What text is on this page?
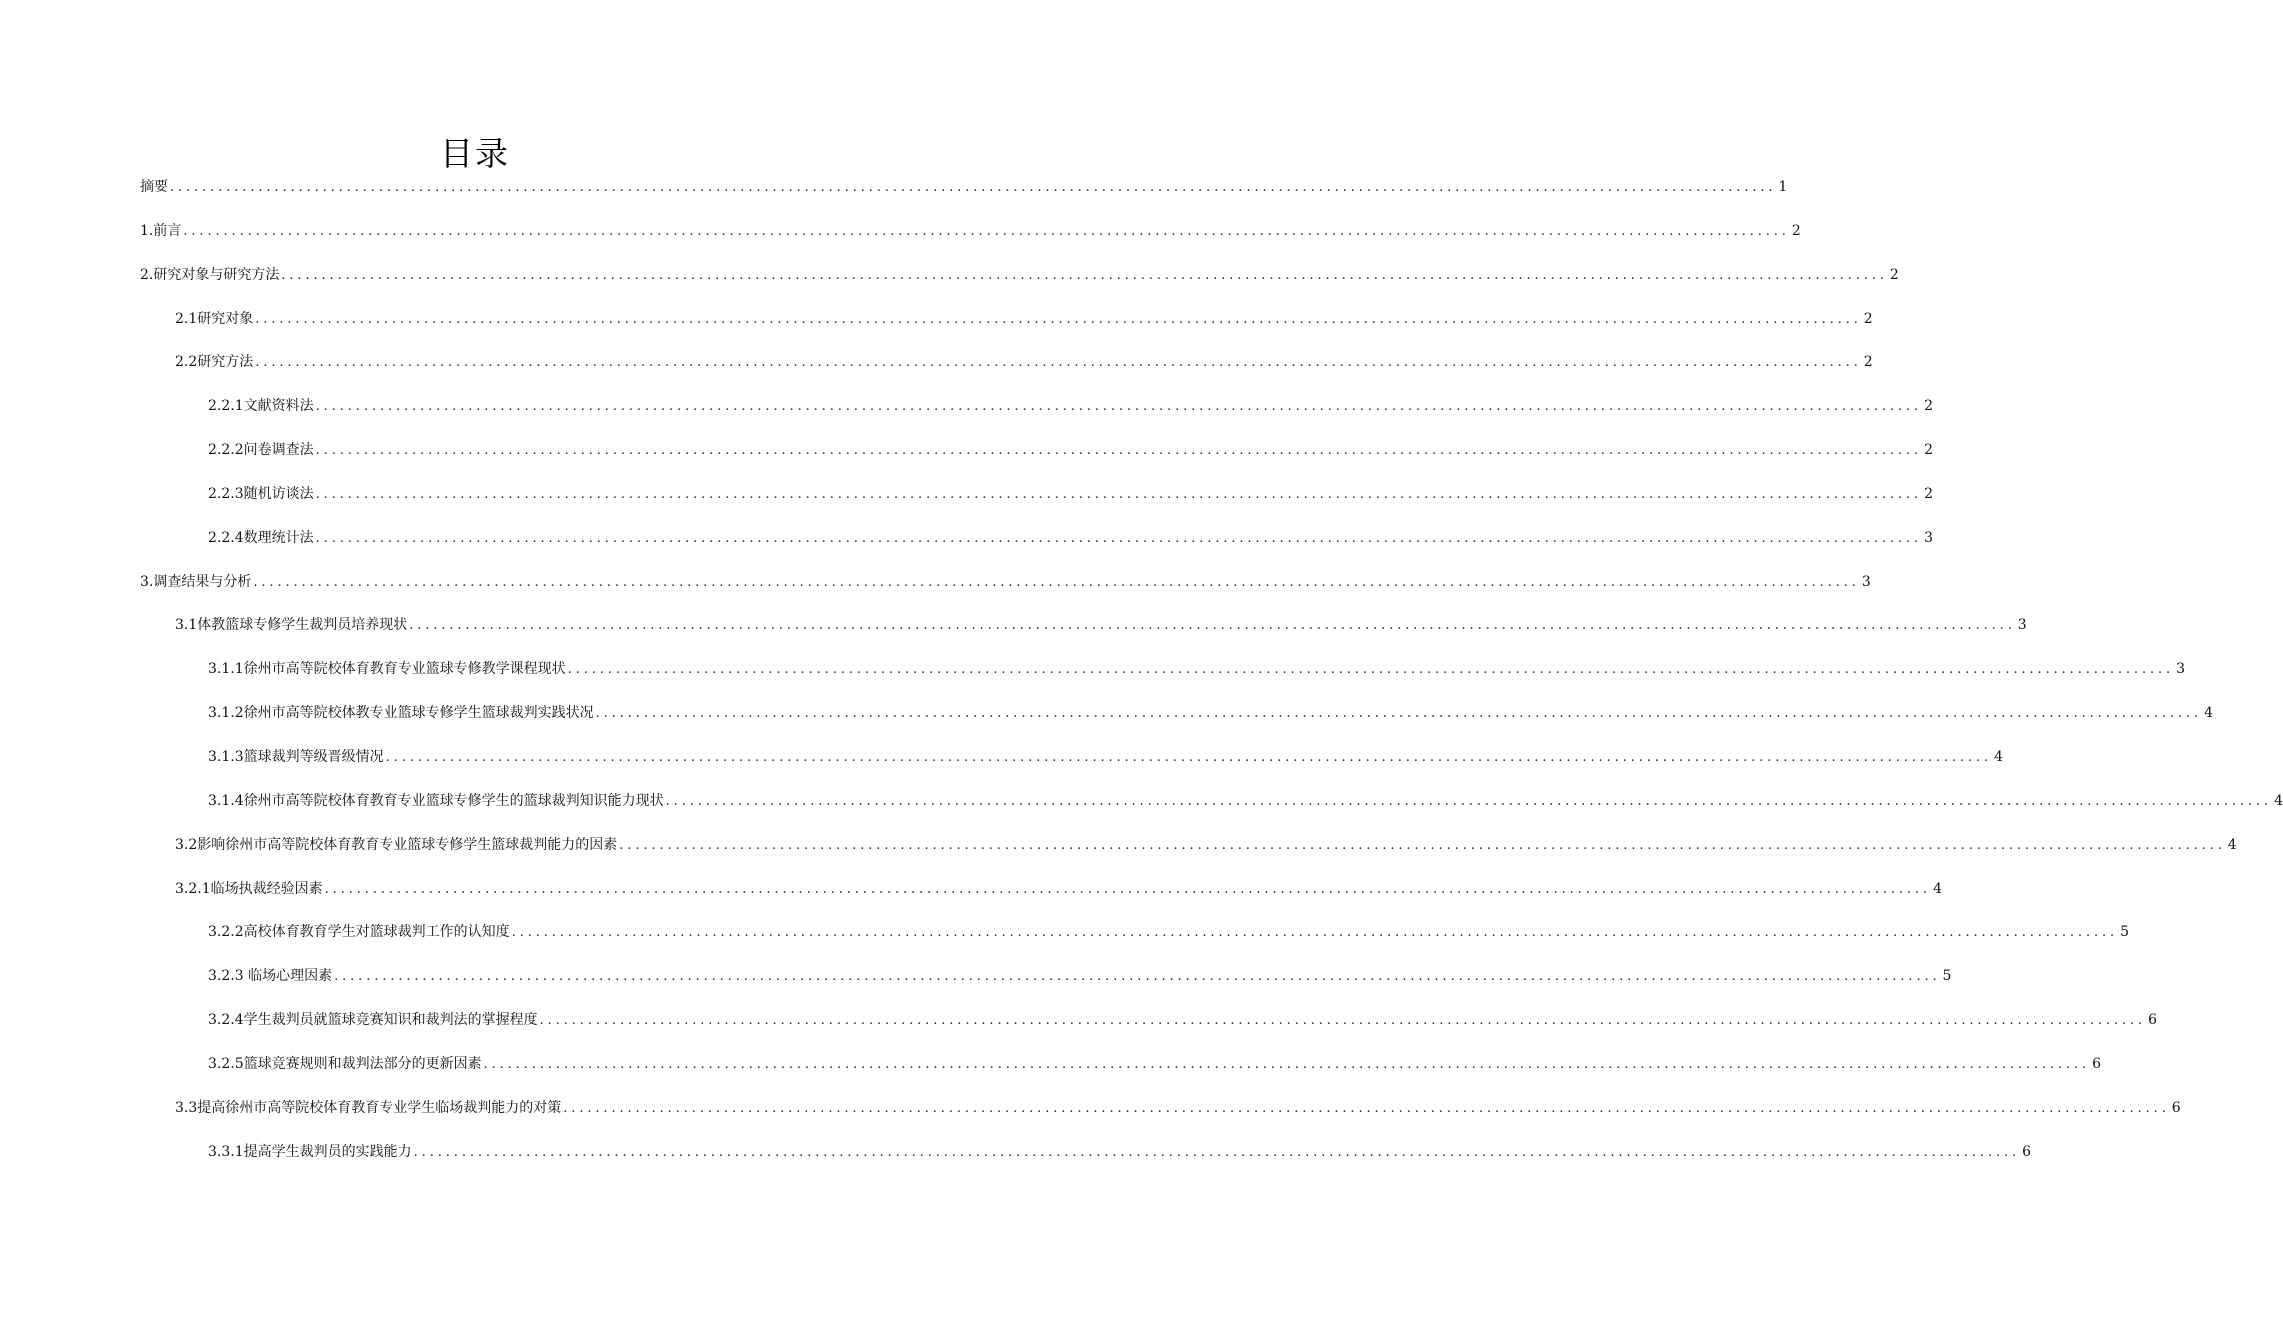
目录
摘要 ........................................................................................................................................................................................................ 1
1.前言 ........................................................................................................................................................................................................ 2
2.研究对象与研究方法 ........................................................................................................................................................................................................ 2
2.1研究对象 ........................................................................................................................................................................................................ 2
2.2研究方法 ........................................................................................................................................................................................................ 2
2.2.1文献资料法 ........................................................................................................................................................................................................ 2
2.2.2问卷调查法 ........................................................................................................................................................................................................ 2
2.2.3随机访谈法 ........................................................................................................................................................................................................ 2
2.2.4数理统计法 ........................................................................................................................................................................................................ 3
3.调查结果与分析 ........................................................................................................................................................................................................ 3
3.1体教篮球专修学生裁判员培养现状 ........................................................................................................................................................................................................ 3
3.1.1徐州市高等院校体育教育专业篮球专修教学课程现状 ........................................................................................................................................................................................................ 3
3.1.2徐州市高等院校体教专业篮球专修学生篮球裁判实践状况 ........................................................................................................................................................................................................ 4
3.1.3篮球裁判等级晋级情况 ........................................................................................................................................................................................................ 4
3.1.4徐州市高等院校体育教育专业篮球专修学生的篮球裁判知识能力现状 ........................................................................................................................................................................................................ 4
3.2影响徐州市高等院校体育教育专业篮球专修学生篮球裁判能力的因素 ........................................................................................................................................................................................................ 4
3.2.1临场执裁经验因素 ........................................................................................................................................................................................................ 4
3.2.2高校体育教育学生对篮球裁判工作的认知度 ........................................................................................................................................................................................................ 5
3.2.3 临场心理因素 ........................................................................................................................................................................................................ 5
3.2.4学生裁判员就篮球竞赛知识和裁判法的掌握程度 ........................................................................................................................................................................................................ 6
3.2.5篮球竞赛规则和裁判法部分的更新因素 ........................................................................................................................................................................................................ 6
3.3提高徐州市高等院校体育教育专业学生临场裁判能力的对策 ........................................................................................................................................................................................................ 6
3.3.1提高学生裁判员的实践能力 ........................................................................................................................................................................................................ 6
